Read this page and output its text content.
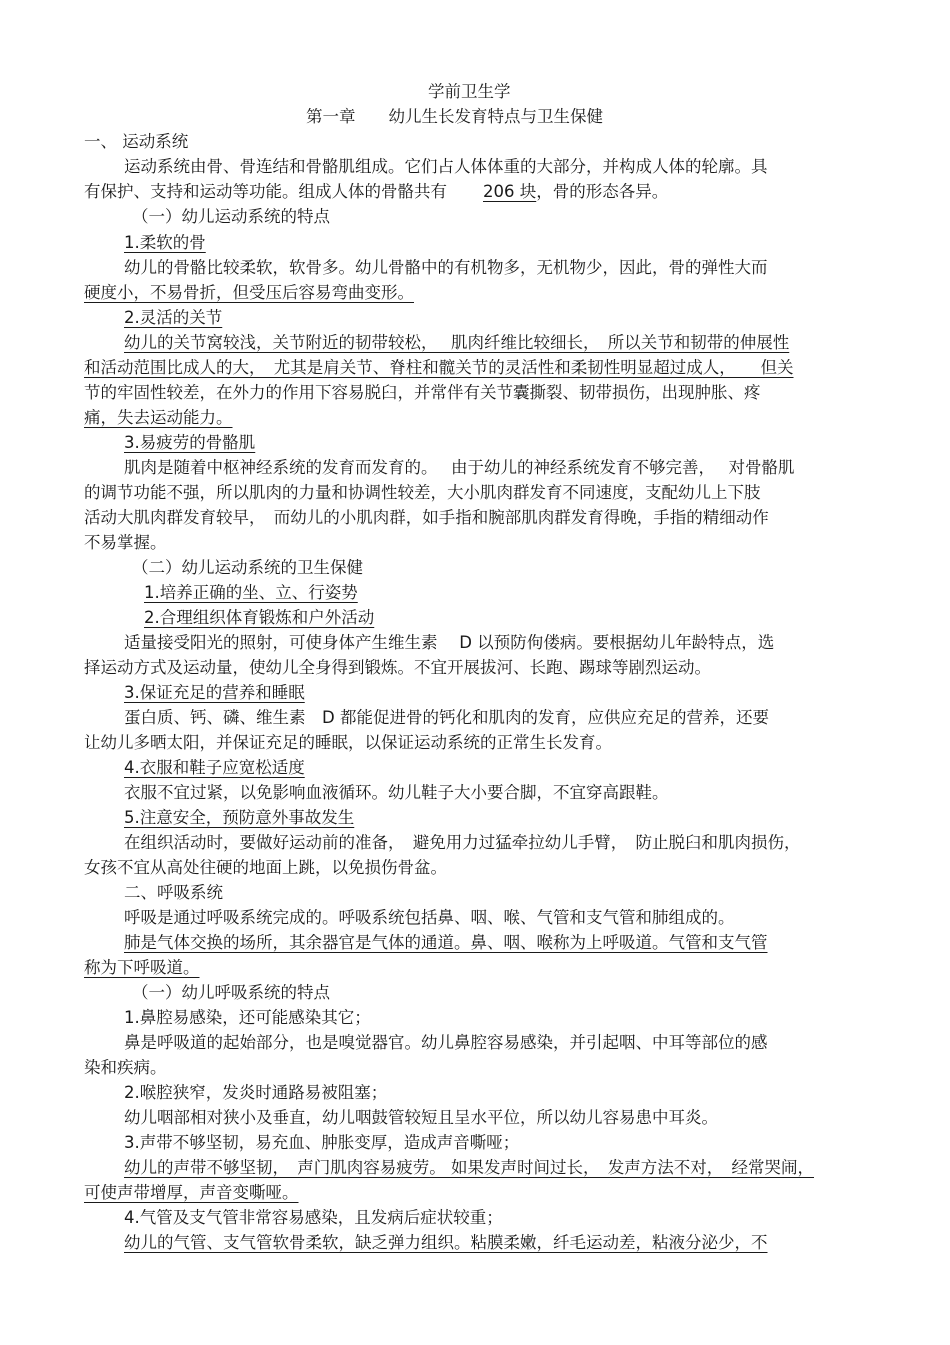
学前卫生学
第一章　　幼儿生长发育特点与卫生保健
一、 运动系统
运动系统由骨、骨连结和骨骼肌组成。它们占人体体重的大部分，并构成人体的轮廓。具
有保护、支持和运动等功能。组成人体的骨骼共有 206 块，骨的形态各异。
（一）幼儿运动系统的特点
1.柔软的骨
幼儿的骨骼比较柔软，软骨多。幼儿骨骼中的有机物多，无机物少，因此，骨的弹性大而
硬度小，不易骨折，但受压后容易弯曲变形。
2.灵活的关节
幼儿的关节窝较浅，关节附近的韧带较松，　 肌肉纤维比较细长，　所以关节和韧带的伸展性
和活动范围比成人的大，　尤其是肩关节、脊柱和髋关节的灵活性和柔韧性明显超过成人，　　但关
节的牢固性较差，在外力的作用下容易脱臼，并常伴有关节囊撕裂、韧带损伤，出现肿胀、疼
痛，失去运动能力。
3.易疲劳的骨骼肌
肌肉是随着中枢神经系统的发育而发育的。　 由于幼儿的神经系统发育不够完善，　 对骨骼肌
的调节功能不强，所以肌肉的力量和协调性较差，大小肌肉群发育不同速度，支配幼儿上下肢
活动大肌肉群发育较早，　而幼儿的小肌肉群，如手指和腕部肌肉群发育得晚，手指的精细动作
不易掌握。
（二）幼儿运动系统的卫生保健
1.培养正确的坐、立、行姿势
2.合理组织体育锻炼和户外活动
适量接受阳光的照射，可使身体产生维生素　 D 以预防佝偻病。要根据幼儿年龄特点，选
择运动方式及运动量，使幼儿全身得到锻炼。不宜开展拔河、长跑、踢球等剧烈运动。
3.保证充足的营养和睡眠
蛋白质、钙、磷、维生素　D 都能促进骨的钙化和肌肉的发育，应供应充足的营养，还要
让幼儿多晒太阳，并保证充足的睡眠，以保证运动系统的正常生长发育。
4.衣服和鞋子应宽松适度
衣服不宜过紧，以免影响血液循环。幼儿鞋子大小要合脚，不宜穿高跟鞋。
5.注意安全，预防意外事故发生
在组织活动时，要做好运动前的准备，　避免用力过猛牵拉幼儿手臂，　防止脱臼和肌肉损伤，
女孩不宜从高处往硬的地面上跳，以免损伤骨盆。
二、呼吸系统
呼吸是通过呼吸系统完成的。呼吸系统包括鼻、咽、喉、气管和支气管和肺组成的。
肺是气体交换的场所，其余器官是气体的通道。鼻、咽、喉称为上呼吸道。气管和支气管
称为下呼吸道。
（一）幼儿呼吸系统的特点
1.鼻腔易感染，还可能感染其它；
鼻是呼吸道的起始部分，也是嗅觉器官。幼儿鼻腔容易感染，并引起咽、中耳等部位的感
染和疾病。
2.喉腔狭窄，发炎时通路易被阻塞；
幼儿咽部相对狭小及垂直，幼儿咽鼓管较短且呈水平位，所以幼儿容易患中耳炎。
3.声带不够坚韧，易充血、肿胀变厚，造成声音嘶哑；
幼儿的声带不够坚韧，　声门肌肉容易疲劳。 如果发声时间过长，　发声方法不对，　经常哭闹，
可使声带增厚，声音变嘶哑。
4.气管及支气管非常容易感染，且发病后症状较重；
幼儿的气管、支气管软骨柔软，缺乏弹力组织。粘膜柔嫩，纤毛运动差，粘液分泌少，不
